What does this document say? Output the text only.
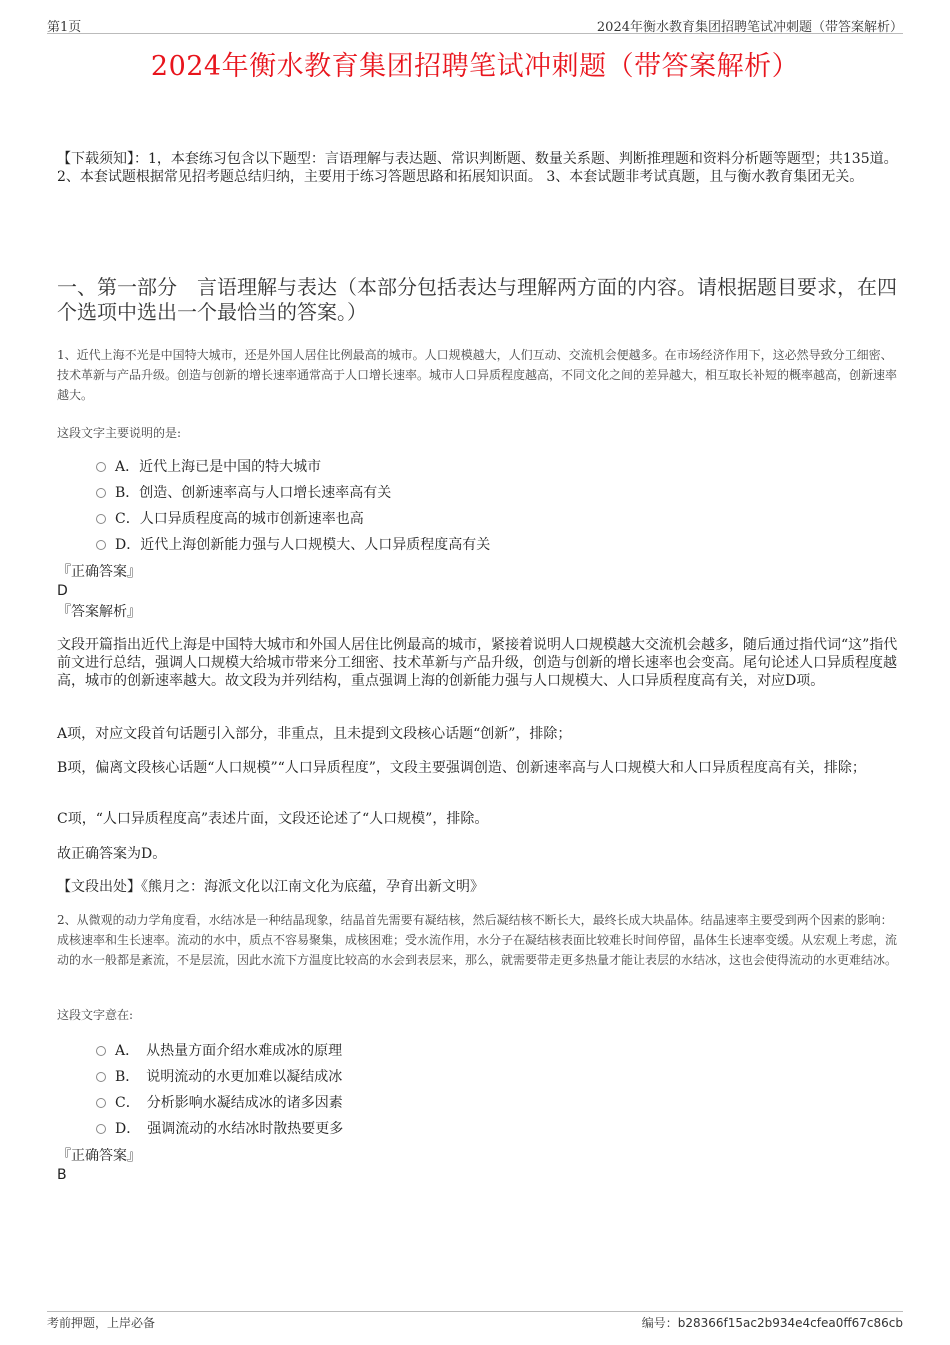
第1页	2024年衡水教育集团招聘笔试冲刺题（带答案解析）
2024年衡水教育集团招聘笔试冲刺题（带答案解析）
【下载须知】：1，本套练习包含以下题型：言语理解与表达题、常识判断题、数量关系题、判断推理题和资料分析题等题型；共135道。 2、本套试题根据常见招考题总结归纳，主要用于练习答题思路和拓展知识面。 3、本套试题非考试真题，且与衡水教育集团无关。
一、第一部分　言语理解与表达（本部分包括表达与理解两方面的内容。请根据题目要求，在四个选项中选出一个最恰当的答案。）
1、近代上海不光是中国特大城市，还是外国人居住比例最高的城市。人口规模越大，人们互动、交流机会便越多。在市场经济作用下，这必然导致分工细密、技术革新与产品升级。创造与创新的增长速率通常高于人口增长速率。城市人口异质程度越高，不同文化之间的差异越大，相互取长补短的概率越高，创新速率越大。
这段文字主要说明的是:
A．近代上海已是中国的特大城市
B．创造、创新速率高与人口增长速率高有关
C．人口异质程度高的城市创新速率也高
D．近代上海创新能力强与人口规模大、人口异质程度高有关
『正确答案』
D
『答案解析』
文段开篇指出近代上海是中国特大城市和外国人居住比例最高的城市，紧接着说明人口规模越大交流机会越多，随后通过指代词“这”指代前文进行总结，强调人口规模大给城市带来分工细密、技术革新与产品升级，创造与创新的增长速率也会变高。尾句论述人口异质程度越高，城市的创新速率越大。故文段为并列结构，重点强调上海的创新能力强与人口规模大、人口异质程度高有关，对应D项。
A项，对应文段首句话题引入部分，非重点，且未提到文段核心话题“创新”，排除；
B项，偏离文段核心话题“人口规模”“人口异质程度”，文段主要强调创造、创新速率高与人口规模大和人口异质程度高有关，排除；
C项，“人口异质程度高”表述片面，文段还论述了“人口规模”，排除。
故正确答案为D。
【文段出处】《熊月之：海派文化以江南文化为底蕴，孕育出新文明》
2、从微观的动力学角度看，水结冰是一种结晶现象，结晶首先需要有凝结核，然后凝结核不断长大，最终长成大块晶体。结晶速率主要受到两个因素的影响：成核速率和生长速率。流动的水中，质点不容易聚集，成核困难；受水流作用，水分子在凝结核表面比较难长时间停留，晶体生长速率变缓。从宏观上考虑，流动的水一般都是紊流，不是层流，因此水流下方温度比较高的水会到表层来，那么，就需要带走更多热量才能让表层的水结冰，这也会使得流动的水更难结冰。
这段文字意在:
A．　从热量方面介绍水难成冰的原理
B．　说明流动的水更加难以凝结成冰
C．　分析影响水凝结成冰的诸多因素
D．　强调流动的水结冰时散热要更多
『正确答案』
B
考前押题，上岸必备	编号：b28366f15ac2b934e4cfea0ff67c86cb
